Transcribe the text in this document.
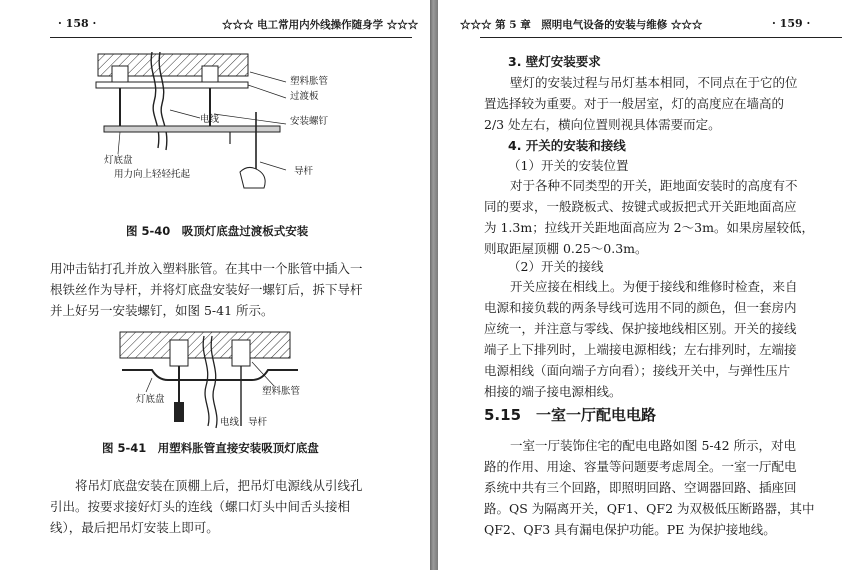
· 158 ·	☆☆☆ 电工常用内外线操作随身学 ☆☆☆
塑料胀管
过渡板
电线	安装螺钉
灯底盘
用力向上轻轻托起	导杆
图 5-40　吸顶灯底盘过渡板式安装
用冲击钻打孔并放入塑料胀管。在其中一个胀管中插入一
根铁丝作为导杆，并将灯底盘安装好一螺钉后，拆下导杆
并上好另一安装螺钉，如图 5-41 所示。
灯底盘
塑料胀管
电线 导杆
图 5-41　用塑料胀管直接安装吸顶灯底盘
将吊灯底盘安装在顶棚上后，把吊灯电源线从引线孔
引出。按要求接好灯头的连线（螺口灯头中间舌头接相
线），最后把吊灯安装上即可。
☆☆☆ 第 5 章　照明电气设备的安装与维修 ☆☆☆	· 159 ·
3. 壁灯安装要求
壁灯的安装过程与吊灯基本相同，不同点在于它的位
置选择较为重要。对于一般居室，灯的高度应在墙高的
2/3 处左右，横向位置则视具体需要而定。
4. 开关的安装和接线
（1）开关的安装位置
对于各种不同类型的开关，距地面安装时的高度有不
同的要求，一般跷板式、按键式或扳把式开关距地面高应
为 1.3m；拉线开关距地面高应为 2～3m。如果房屋较低，
则取距屋顶棚 0.25～0.3m。
（2）开关的接线
开关应接在相线上。为便于接线和维修时检查，来自
电源和接负载的两条导线可选用不同的颜色，但一套房内
应统一，并注意与零线、保护接地线相区别。开关的接线
端子上下排列时，上端接电源相线；左右排列时，左端接
电源相线（面向端子方向看）；接线开关中，与弹性压片
相接的端子接电源相线。
5.15　一室一厅配电电路
一室一厅装饰住宅的配电电路如图 5-42 所示，对电
路的作用、用途、容量等问题要考虑周全。一室一厅配电
系统中共有三个回路，即照明回路、空调器回路、插座回
路。QS 为隔离开关，QF1、QF2 为双极低压断路器，其中
QF2、QF3 具有漏电保护功能。PE 为保护接地线。
